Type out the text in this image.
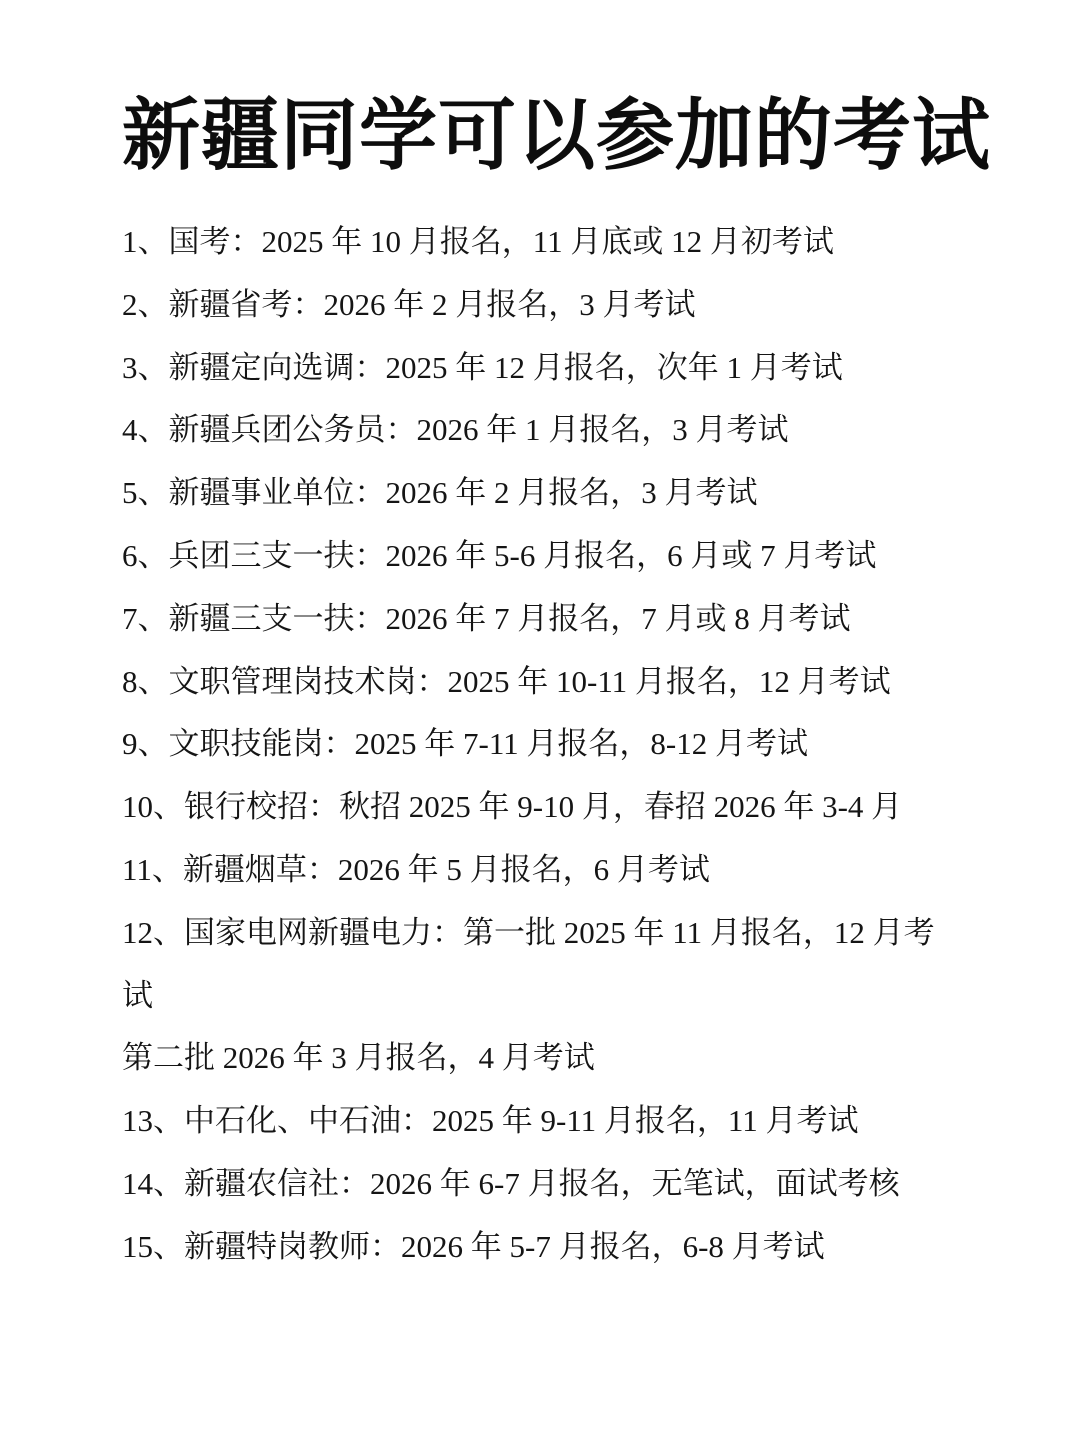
新疆同学可以参加的考试
1、国考：2025 年 10 月报名，11 月底或 12 月初考试
2、新疆省考：2026 年 2 月报名，3 月考试
3、新疆定向选调：2025 年 12 月报名，次年 1 月考试
4、新疆兵团公务员：2026 年 1 月报名，3 月考试
5、新疆事业单位：2026 年 2 月报名，3 月考试
6、兵团三支一扶：2026 年 5-6 月报名，6 月或 7 月考试
7、新疆三支一扶：2026 年 7 月报名，7 月或 8 月考试
8、文职管理岗技术岗：2025 年 10-11 月报名，12 月考试
9、文职技能岗：2025 年 7-11 月报名，8-12 月考试
10、银行校招：秋招 2025 年 9-10 月，春招 2026 年 3-4 月
11、新疆烟草：2026 年 5 月报名，6 月考试
12、国家电网新疆电力：第一批 2025 年 11 月报名，12 月考
试
第二批 2026 年 3 月报名，4 月考试
13、中石化、中石油：2025 年 9-11 月报名，11 月考试
14、新疆农信社：2026 年 6-7 月报名，无笔试，面试考核
15、新疆特岗教师：2026 年 5-7 月报名，6-8 月考试
